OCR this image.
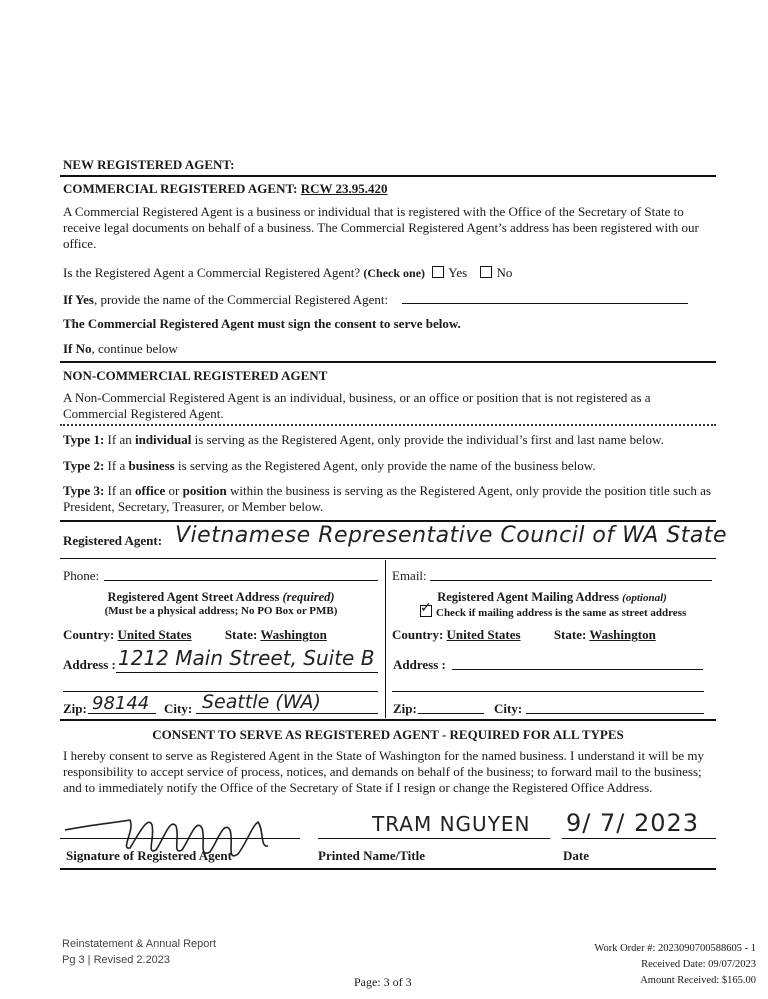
NEW REGISTERED AGENT:
COMMERCIAL REGISTERED AGENT: RCW 23.95.420
A Commercial Registered Agent is a business or individual that is registered with the Office of the Secretary of State to receive legal documents on behalf of a business. The Commercial Registered Agent’s address has been registered with our office.
Is the Registered Agent a Commercial Registered Agent? (Check one) Yes No
If Yes, provide the name of the Commercial Registered Agent:
The Commercial Registered Agent must sign the consent to serve below.
If No, continue below
NON-COMMERCIAL REGISTERED AGENT
A Non-Commercial Registered Agent is an individual, business, or an office or position that is not registered as a Commercial Registered Agent.
Type 1: If an individual is serving as the Registered Agent, only provide the individual’s first and last name below.
Type 2: If a business is serving as the Registered Agent, only provide the name of the business below.
Type 3: If an office or position within the business is serving as the Registered Agent, only provide the position title such as President, Secretary, Treasurer, or Member below.
Registered Agent: Vietnamese Representative Council of WA State
Phone:	Email:
Registered Agent Street Address (required)
(Must be a physical address; No PO Box or PMB)
Country: United States	State: Washington
Address : 1212 Main Street, Suite B
Zip: 98144 City: Seattle (WA)
Registered Agent Mailing Address (optional)
✓ Check if mailing address is the same as street address
Country: United States	State: Washington
Address :
Zip:	City:
CONSENT TO SERVE AS REGISTERED AGENT - REQUIRED FOR ALL TYPES
I hereby consent to serve as Registered Agent in the State of Washington for the named business. I understand it will be my responsibility to accept service of process, notices, and demands on behalf of the business; to forward mail to the business; and to immediately notify the Office of the Secretary of State if I resign or change the Registered Office Address.
TRAM NGUYEN 9/ 7/ 2023
Signature of Registered Agent	Printed Name/Title	Date
Reinstatement & Annual Report
Pg 3 | Revised 2.2023
Page: 3 of 3
Work Order #: 2023090700588605 - 1
Received Date: 09/07/2023
Amount Received: $165.00
